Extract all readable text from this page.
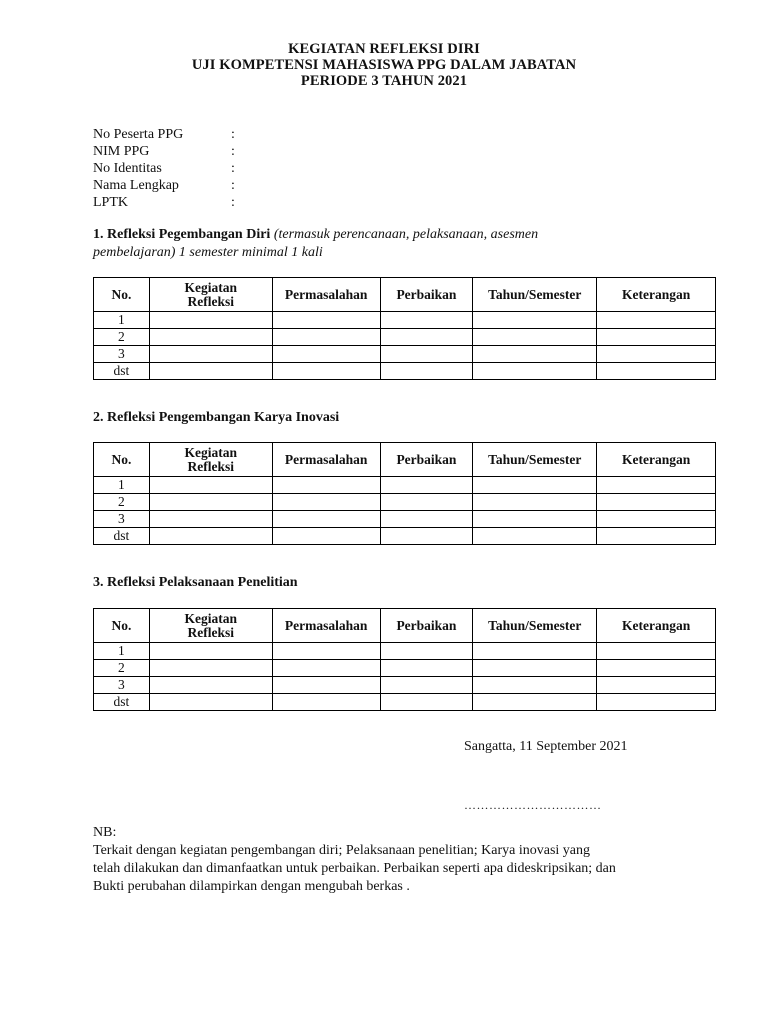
KEGIATAN REFLEKSI DIRI
UJI KOMPETENSI MAHASISWA PPG DALAM JABATAN
PERIODE 3 TAHUN 2021
No Peserta PPG	:
NIM PPG	:
No Identitas	:
Nama Lengkap	:
LPTK	:
1. Refleksi Pegembangan Diri (termasuk perencanaan, pelaksanaan, asesmen pembelajaran) 1 semester minimal 1 kali
No.	Kegiatan Refleksi	Permasalahan	Perbaikan	Tahun/Semester	Keterangan
1					
2					
3					
dst					
2. Refleksi Pengembangan Karya Inovasi
No.	Kegiatan Refleksi	Permasalahan	Perbaikan	Tahun/Semester	Keterangan
1					
2					
3					
dst					
3. Refleksi Pelaksanaan Penelitian
No.	Kegiatan Refleksi	Permasalahan	Perbaikan	Tahun/Semester	Keterangan
1					
2					
3					
dst					
Sangatta, 11 September 2021
……………………………
NB:
Terkait dengan kegiatan pengembangan diri; Pelaksanaan penelitian; Karya inovasi yang
telah dilakukan dan dimanfaatkan untuk perbaikan. Perbaikan seperti apa dideskripsikan; dan
Bukti perubahan dilampirkan dengan mengubah berkas .
